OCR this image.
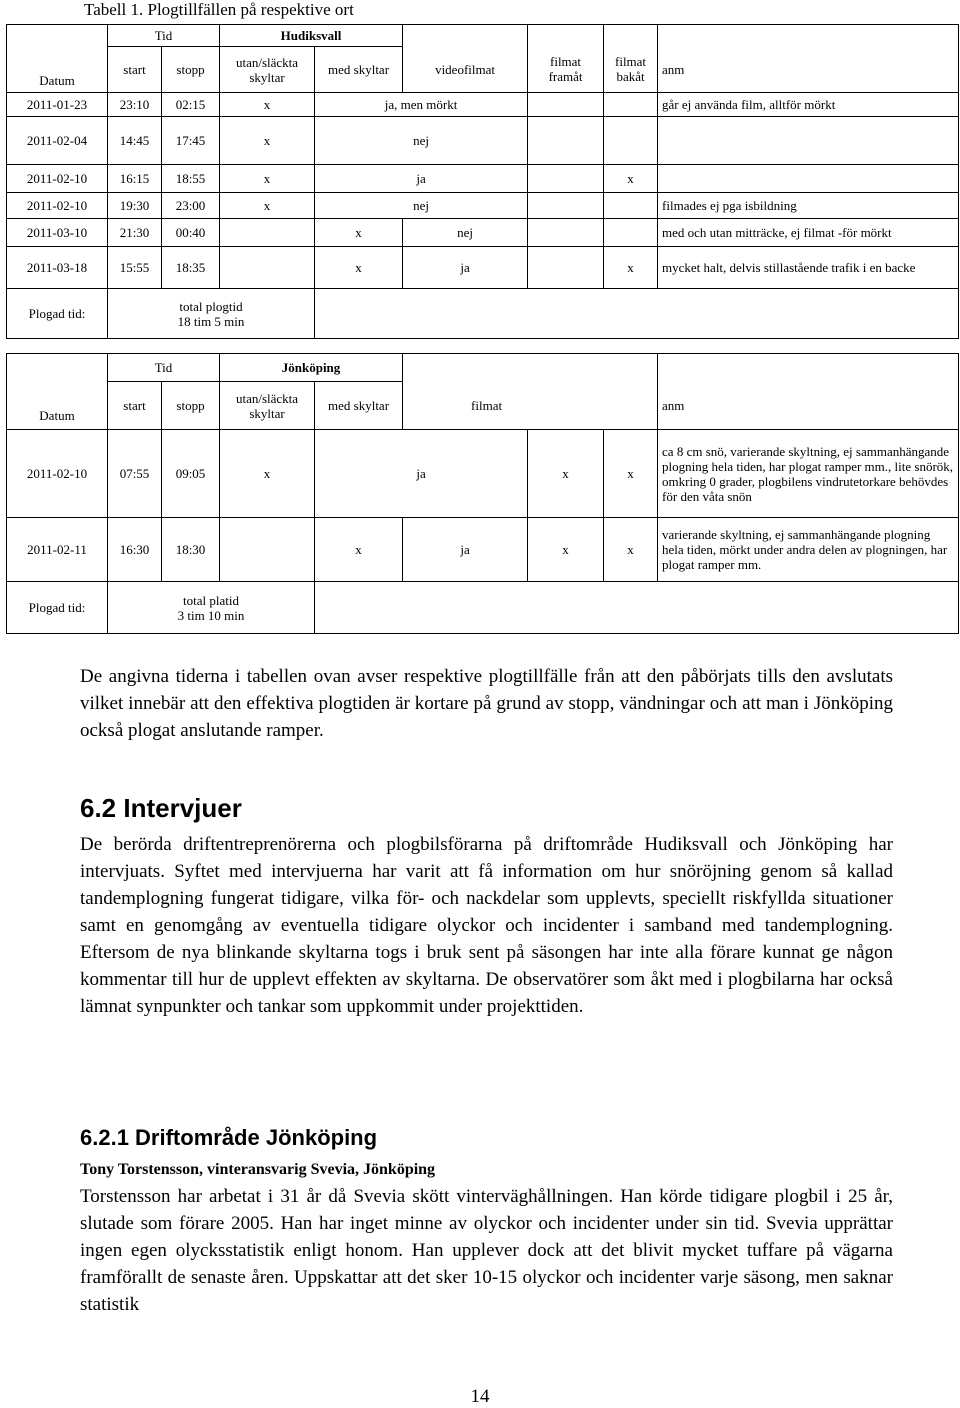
Tabell 1. Plogtillfällen på respektive ort
	Tid		Hudiksvall					
Datum	start	stopp	utan/släckta skyltar	med skyltar	videofilmat	filmat framåt	filmat bakåt	anm
2011-01-23	23:10	02:15	x	ja, men mörkt				går ej använda film, alltför mörkt
2011-02-04	14:45	17:45	x	nej				
2011-02-10	16:15	18:55	x	ja			x	
2011-02-10	19:30	23:00	x	nej				filmades ej pga isbildning
2011-03-10	21:30	00:40		x	nej			med och utan mitträcke, ej filmat -för mörkt
2011-03-18	15:55	18:35		x	ja		x	mycket halt, delvis stillastående trafik i en backe
Plogad tid:	total plogtid
18 tim 5 min							

	Tid		Jönköping					
Datum	start	stopp	utan/släckta skyltar	med skyltar	filmat			anm
2011-02-10	07:55	09:05	x	ja		x	x	ca 8 cm snö, varierande skyltning, ej sammanhängande plogning hela tiden, har plogat ramper mm., lite snörök, omkring 0 grader, plogbilens vindrutetorkare behövdes för den våta snön
2011-02-11	16:30	18:30		x	ja	x	x	varierande skyltning, ej sammanhängande plogning hela tiden, mörkt under andra delen av plogningen, har plogat ramper mm.
Plogad tid:	total platid
3 tim 10 min							

De angivna tiderna i tabellen ovan avser respektive plogtillfälle från att den påbörjats tills den avslutats vilket innebär att den effektiva plogtiden är kortare på grund av stopp, vändningar och att man i Jönköping också plogat anslutande ramper.

6.2 Intervjuer

De berörda driftentreprenörerna och plogbilsförarna på driftområde Hudiksvall och Jönköping har intervjuats. Syftet med intervjuerna har varit att få information om hur snöröjning genom så kallad tandemplogning fungerat tidigare, vilka för- och nackdelar som upplevts, speciellt riskfyllda situationer samt en genomgång av eventuella tidigare olyckor och incidenter i samband med tandemplogning. Eftersom de nya blinkande skyltarna togs i bruk sent på säsongen har inte alla förare kunnat ge någon kommentar till hur de upplevt effekten av skyltarna. De observatörer som åkt med i plogbilarna har också lämnat synpunkter och tankar som uppkommit under projekttiden.

6.2.1 Driftområde Jönköping
Tony Torstensson, vinteransvarig Svevia, Jönköping

Torstensson har arbetat i 31 år då Svevia skött vinterväghållningen. Han körde tidigare plogbil i 25 år, slutade som förare 2005. Han har inget minne av olyckor och incidenter under sin tid. Svevia upprättar ingen egen olycksstatistik enligt honom. Han upplever dock att det blivit mycket tuffare på vägarna framförallt de senaste åren. Uppskattar att det sker 10-15 olyckor och incidenter varje säsong, men saknar statistik

14
